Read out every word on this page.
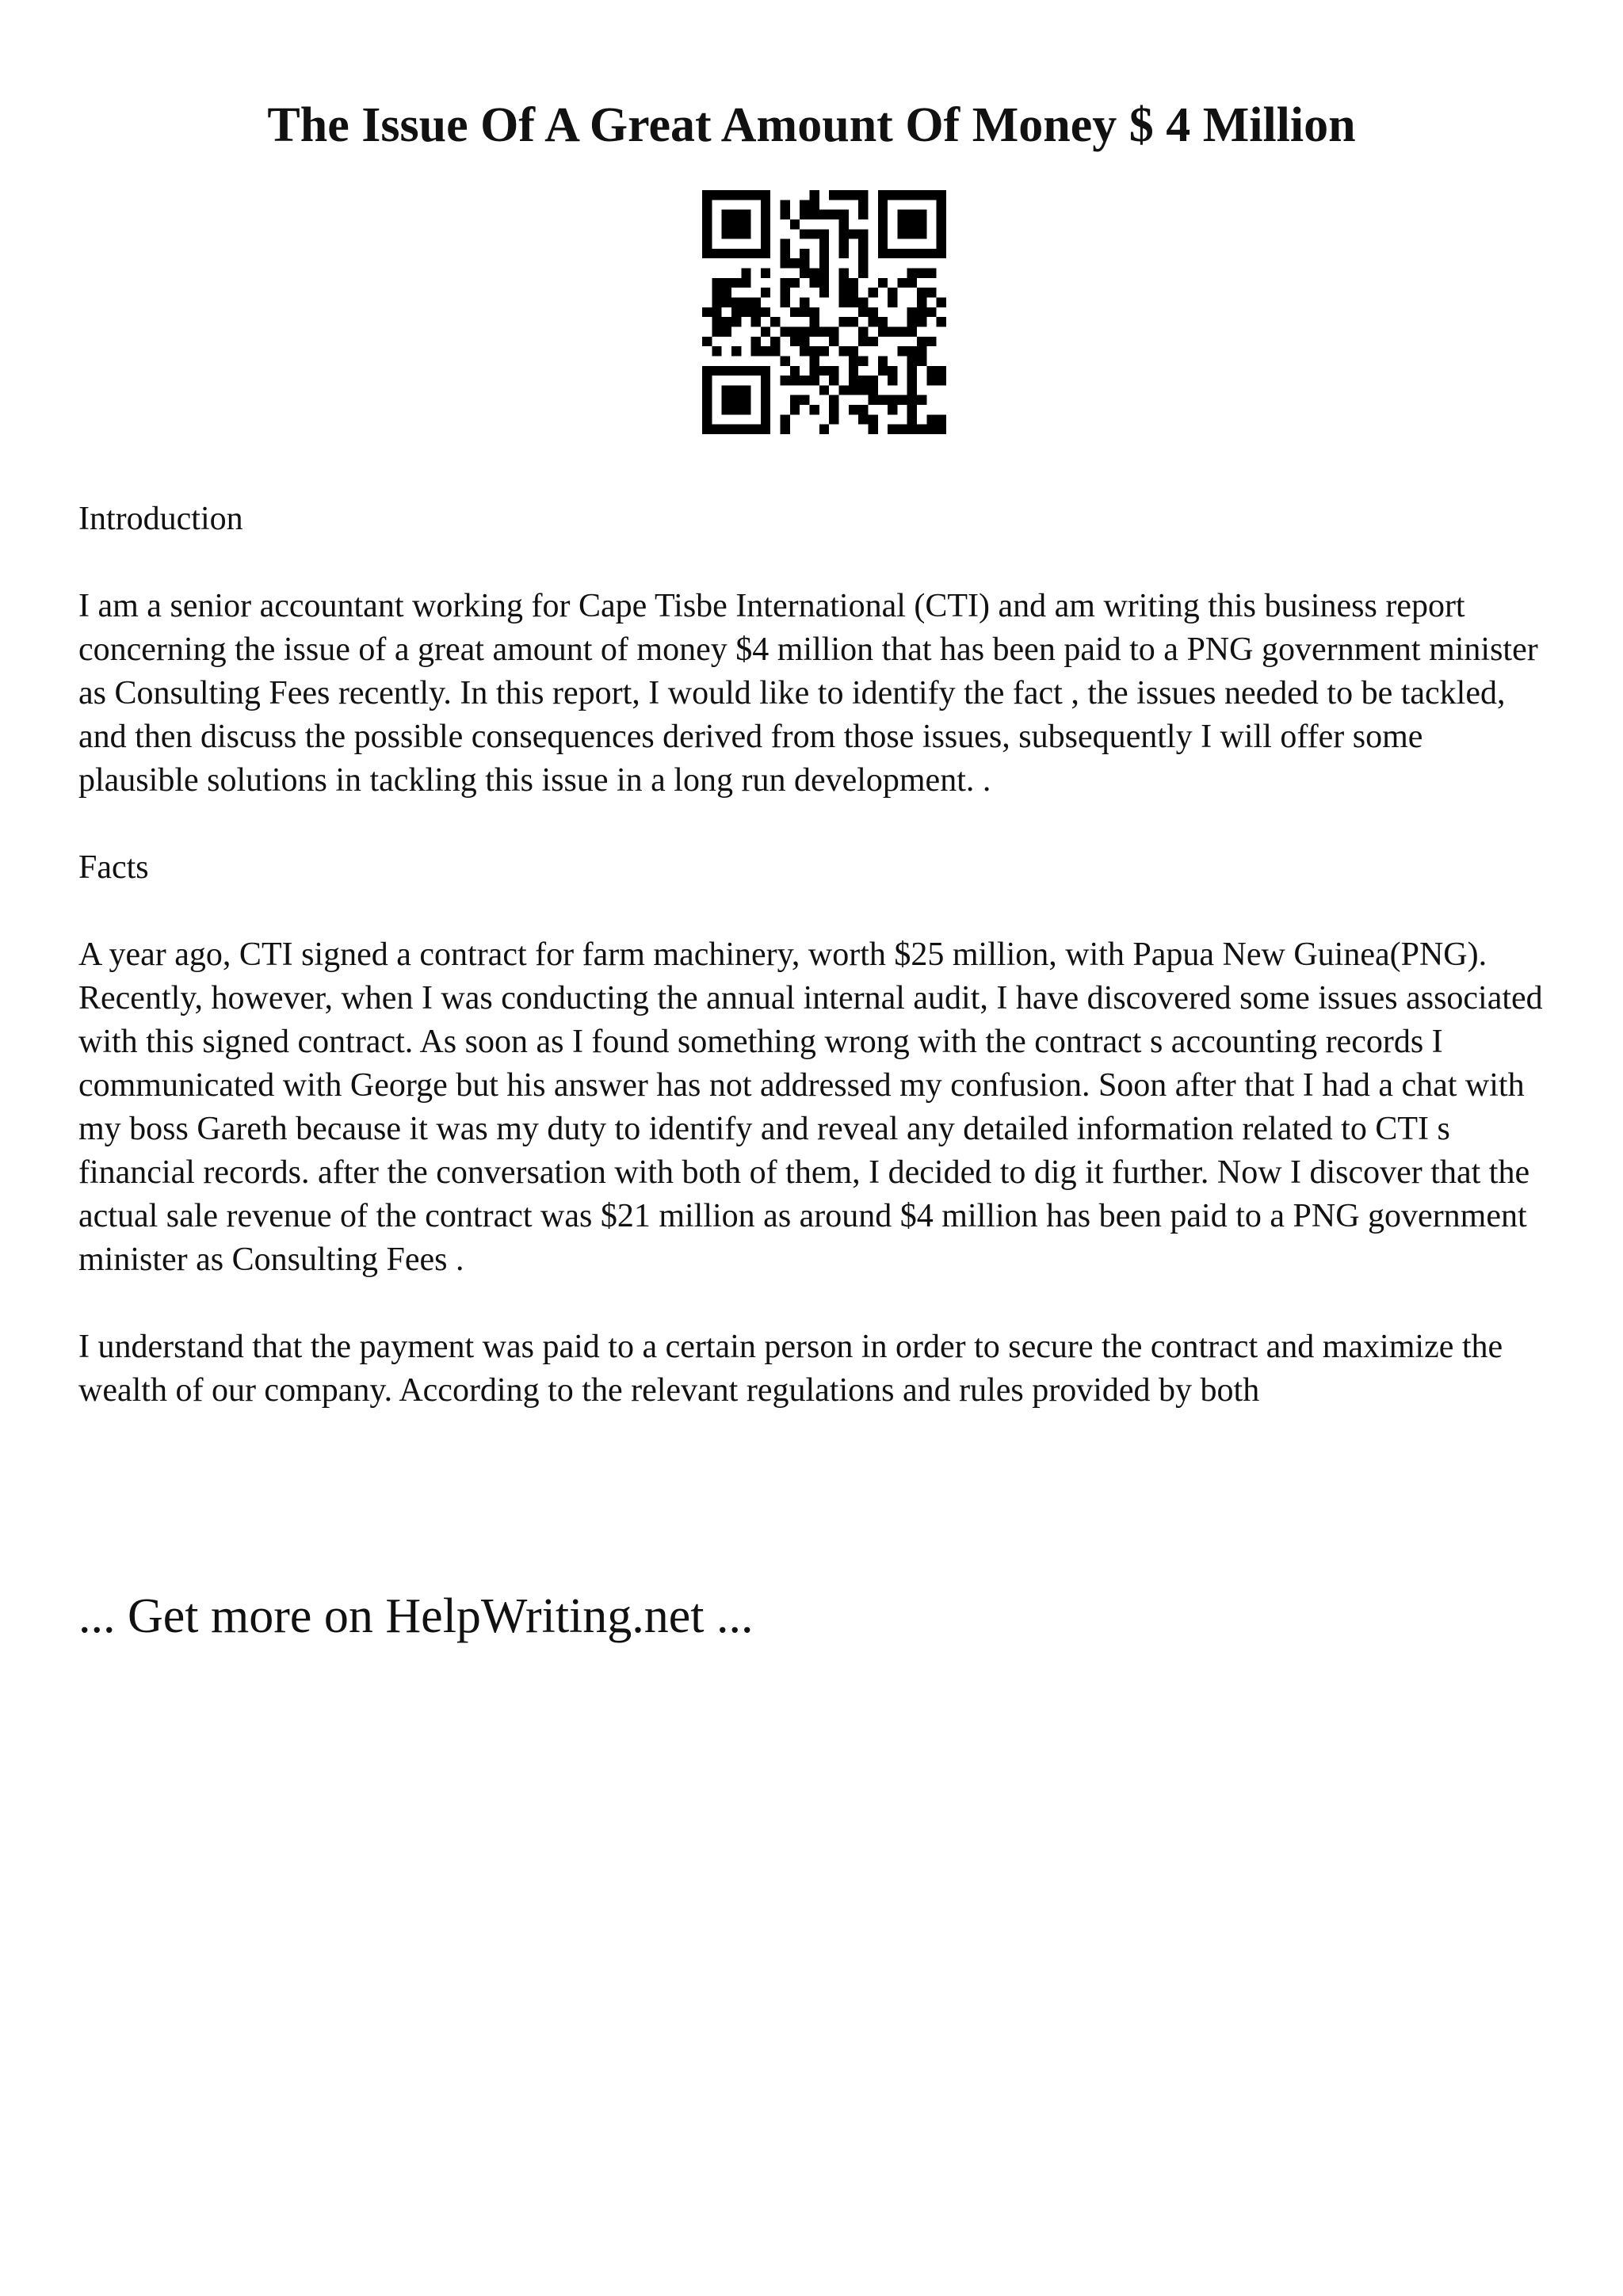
The Issue Of A Great Amount Of Money $ 4 Million

Introduction

I am a senior accountant working for Cape Tisbe International (CTI) and am writing this business report concerning the issue of a great amount of money $4 million that has been paid to a PNG government minister as Consulting Fees recently. In this report, I would like to identify the fact , the issues needed to be tackled, and then discuss the possible consequences derived from those issues, subsequently I will offer some plausible solutions in tackling this issue in a long run development. .

Facts

A year ago, CTI signed a contract for farm machinery, worth $25 million, with Papua New Guinea(PNG). Recently, however, when I was conducting the annual internal audit, I have discovered some issues associated with this signed contract. As soon as I found something wrong with the contract s accounting records I communicated with George but his answer has not addressed my confusion. Soon after that I had a chat with my boss Gareth because it was my duty to identify and reveal any detailed information related to CTI s financial records. after the conversation with both of them, I decided to dig it further. Now I discover that the actual sale revenue of the contract was $21 million as around $4 million has been paid to a PNG government minister as Consulting Fees .

I understand that the payment was paid to a certain person in order to secure the contract and maximize the wealth of our company. According to the relevant regulations and rules provided by both

... Get more on HelpWriting.net ...
